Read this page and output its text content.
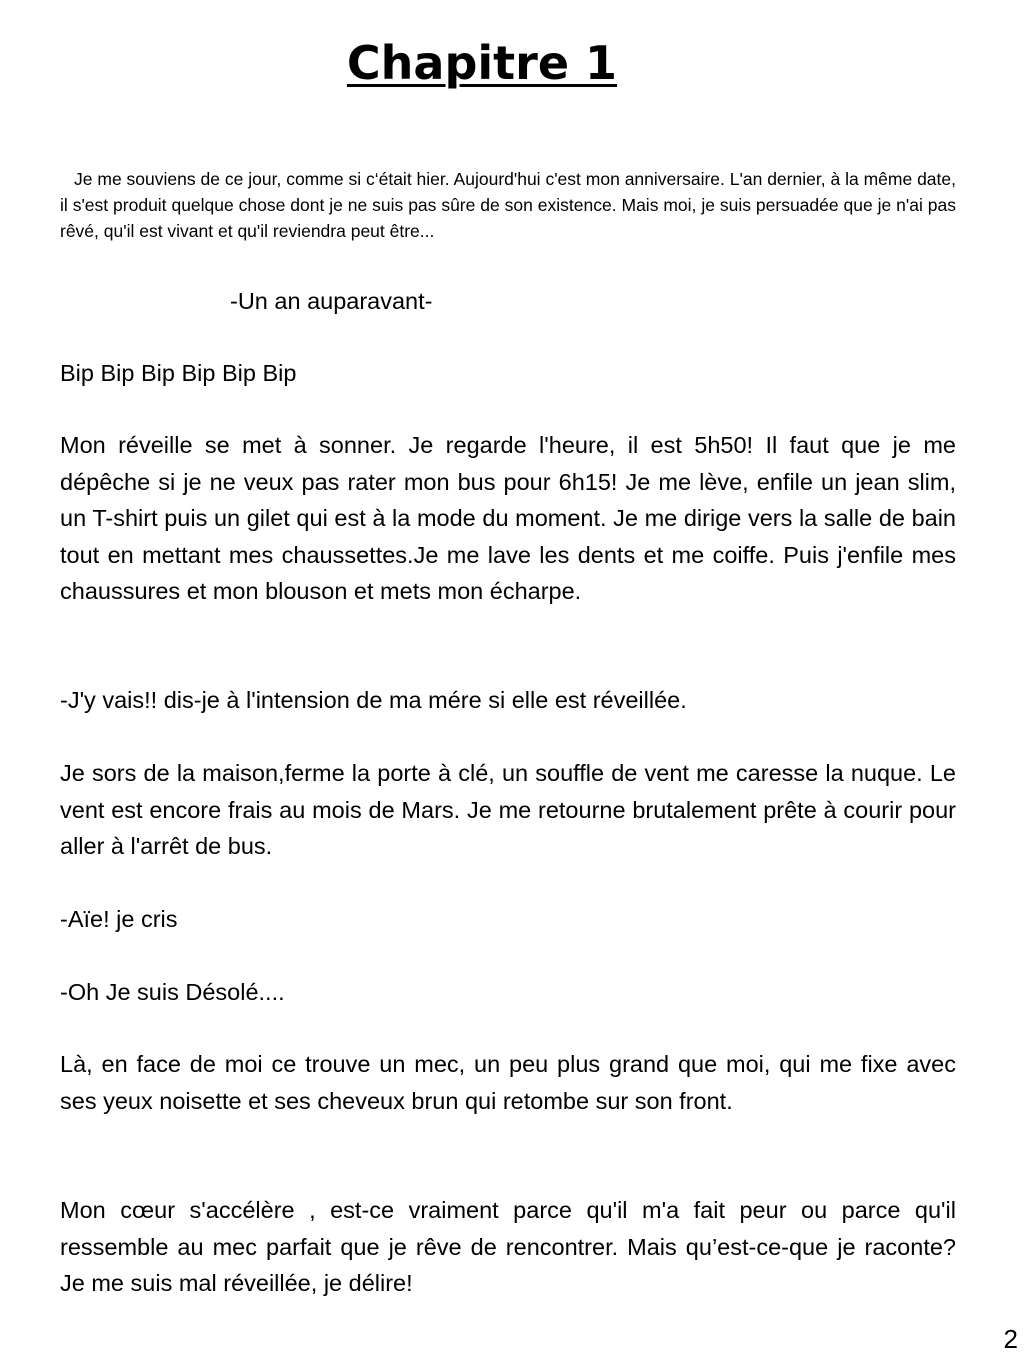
Chapitre 1

Je me souviens de ce jour, comme si c‘était hier. Aujourd'hui c'est mon anniversaire. L'an dernier, à la même date, il s'est produit quelque chose dont je ne suis pas sûre de son existence. Mais moi, je suis persuadée que je n'ai pas rêvé, qu'il est vivant et qu'il reviendra peut être...

-Un an auparavant-

Bip Bip Bip Bip Bip Bip

Mon réveille se met à sonner. Je regarde l'heure, il est 5h50! Il faut que je me dépêche si je ne veux pas rater mon bus pour 6h15! Je me lève, enfile un jean slim, un T-shirt puis un gilet qui est à la mode du moment. Je me dirige vers la salle de bain tout en mettant mes chaussettes.Je me lave les dents et me coiffe. Puis j'enfile mes chaussures et mon blouson et mets mon écharpe.

-J'y vais!! dis-je à l'intension de ma mére si elle est réveillée.

Je sors de la maison,ferme la porte à clé, un souffle de vent me caresse la nuque. Le vent est encore frais au mois de Mars. Je me retourne brutalement prête à courir pour aller à l'arrêt de bus.

-Aïe! je cris

-Oh Je suis Désolé....

Là, en face de moi ce trouve un mec, un peu plus grand que moi, qui me fixe avec ses yeux noisette et ses cheveux brun qui retombe sur son front.

Mon cœur s'accélère , est-ce vraiment parce qu'il m'a fait peur ou parce qu'il ressemble au mec parfait que je rêve de rencontrer. Mais qu’est-ce-que je raconte? Je me suis mal réveillée, je délire!

2
